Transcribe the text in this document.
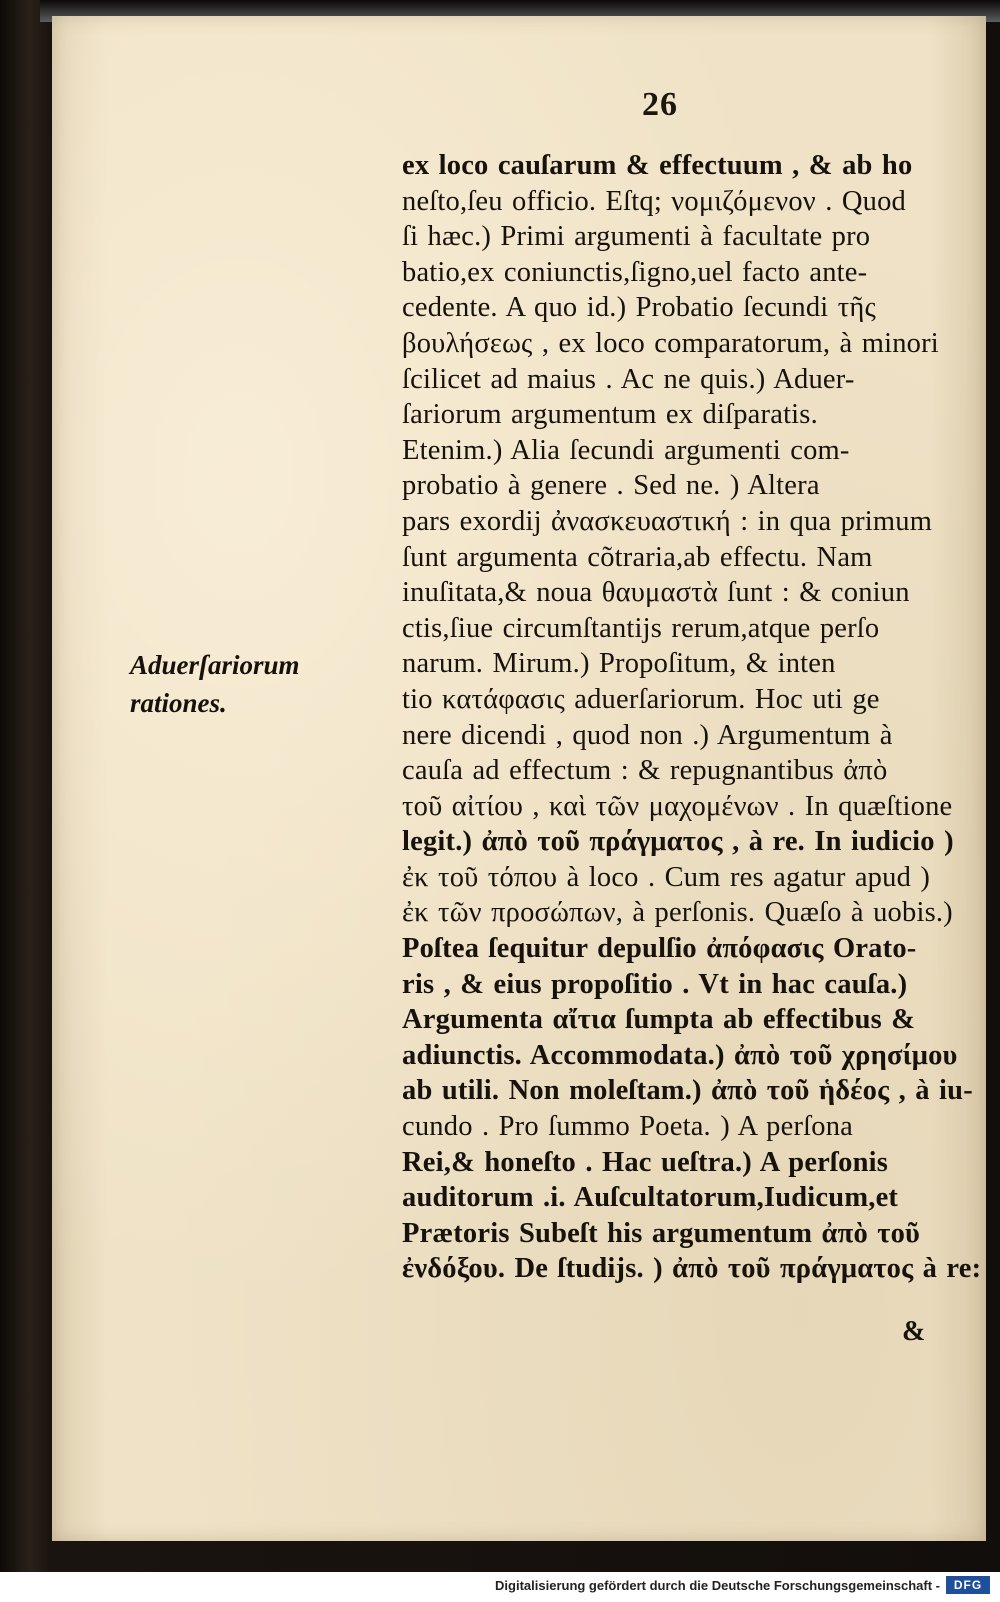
26
Aduerſariorum
rationes.
ex loco cauſarum & effectuum , & ab ho
neſto,ſeu officio. Eſtq; νομιζόμενον . Quod
ſi hæc.) Primi argumenti à facultate pro
batio,ex coniunctis,ſigno,uel facto ante-
cedente. A quo id.) Probatio ſecundi τῆς
βουλήσεως , ex loco comparatorum, à minori
ſcilicet ad maius . Ac ne quis.) Aduer-
ſariorum argumentum ex diſparatis.
Etenim.) Alia ſecundi argumenti com-
probatio à genere . Sed ne. ) Altera
pars exordij ἀνασκευαστική : in qua primum
ſunt argumenta cõtraria,ab effectu. Nam
inuſitata,& noua θαυμαστὰ ſunt : & coniun
ctis,ſiue circumſtantijs rerum,atque perſo
narum. Mirum.) Propoſitum, & inten
tio κατάφασις aduerſariorum. Hoc uti ge
nere dicendi , quod non .) Argumentum à
cauſa ad effectum : & repugnantibus ἀπὸ
τοῦ αἰτίου , καὶ τῶν μαχομένων . In quæſtione
legit.) ἀπὸ τοῦ πράγματος , à re. In iudicio )
ἐκ τοῦ τόπου à loco . Cum res agatur apud )
ἐκ τῶν προσώπων, à perſonis. Quæſo à uobis.)
Poſtea ſequitur depulſio ἀπόφασις Orato-
ris , & eius propoſitio . Vt in hac cauſa.)
Argumenta αἴτια ſumpta ab effectibus &
adiunctis. Accommodata.) ἀπὸ τοῦ χρησίμου
ab utili. Non moleſtam.) ἀπὸ τοῦ ἡδέος , à iu-
cundo . Pro ſummo Poeta. ) A perſona
Rei,& honeſto . Hac ueſtra.) A perſonis
auditorum .i. Auſcultatorum,Iudicum,et
Prætoris Subeſt his argumentum ἀπὸ τοῦ
ἐνδόξου. De ſtudijs. ) ἀπὸ τοῦ πράγματος à re:
&
Digitalisierung gefördert durch die Deutsche Forschungsgemeinschaft -	DFG
